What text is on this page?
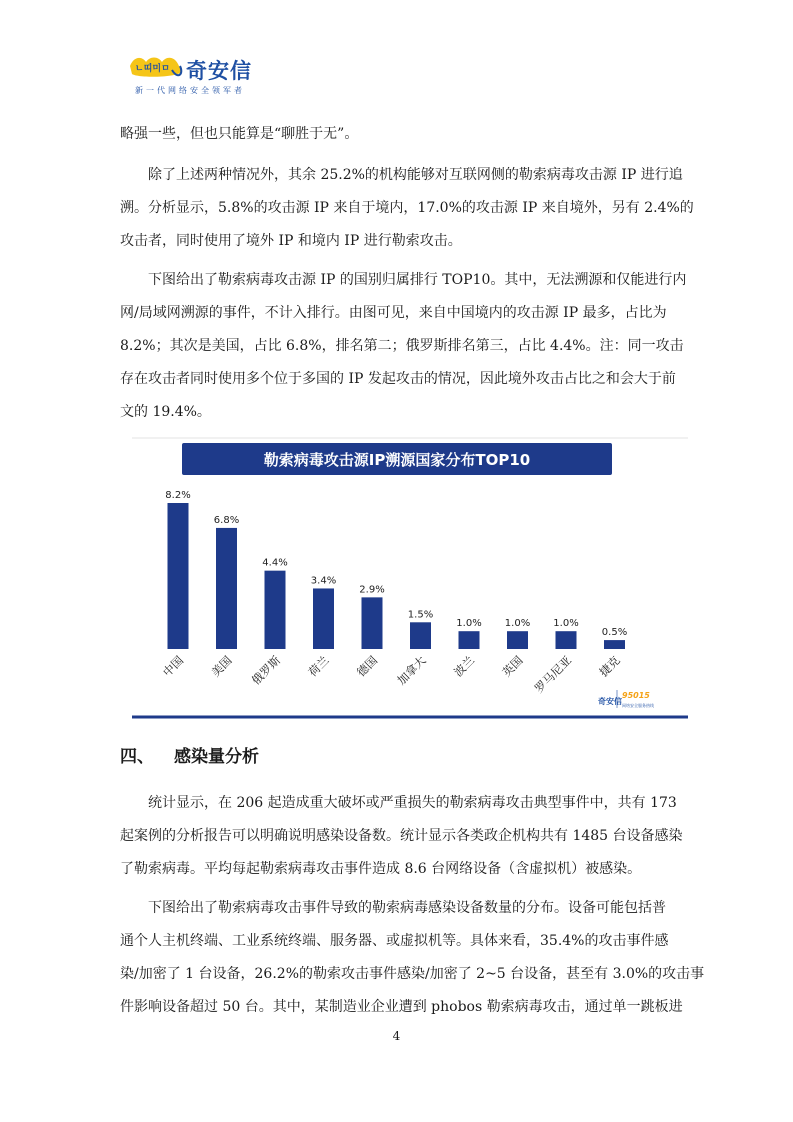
ㄴ띠미ㅁ 奇安信
新一代网络安全领军者
略强一些，但也只能算是“聊胜于无”。
除了上述两种情况外，其余 25.2%的机构能够对互联网侧的勒索病毒攻击源 IP 进行追
溯。分析显示，5.8%的攻击源 IP 来自于境内，17.0%的攻击源 IP 来自境外，另有 2.4%的
攻击者，同时使用了境外 IP 和境内 IP 进行勒索攻击。
下图给出了勒索病毒攻击源 IP 的国别归属排行 TOP10。其中，无法溯源和仅能进行内
网/局域网溯源的事件，不计入排行。由图可见，来自中国境内的攻击源 IP 最多，占比为
8.2%；其次是美国，占比 6.8%，排名第二；俄罗斯排名第三，占比 4.4%。注：同一攻击
存在攻击者同时使用多个位于多国的 IP 发起攻击的情况，因此境外攻击占比之和会大于前
文的 19.4%。
勒索病毒攻击源IP溯源国家分布TOP10
8.2%
中国
6.8%
美国
4.4%
俄罗斯
3.4%
荷兰
2.9%
德国
1.5%
加拿大
1.0%
波兰
1.0%
英国
1.0%
罗马尼亚
0.5%
捷克
奇安信
95015
网络安全服务热线
四、 感染量分析
统计显示，在 206 起造成重大破坏或严重损失的勒索病毒攻击典型事件中，共有 173
起案例的分析报告可以明确说明感染设备数。统计显示各类政企机构共有 1485 台设备感染
了勒索病毒。平均每起勒索病毒攻击事件造成 8.6 台网络设备（含虚拟机）被感染。
下图给出了勒索病毒攻击事件导致的勒索病毒感染设备数量的分布。设备可能包括普
通个人主机终端、工业系统终端、服务器、或虚拟机等。具体来看，35.4%的攻击事件感
染/加密了 1 台设备，26.2%的勒索攻击事件感染/加密了 2~5 台设备，甚至有 3.0%的攻击事
件影响设备超过 50 台。其中，某制造业企业遭到 phobos 勒索病毒攻击，通过单一跳板进
4
